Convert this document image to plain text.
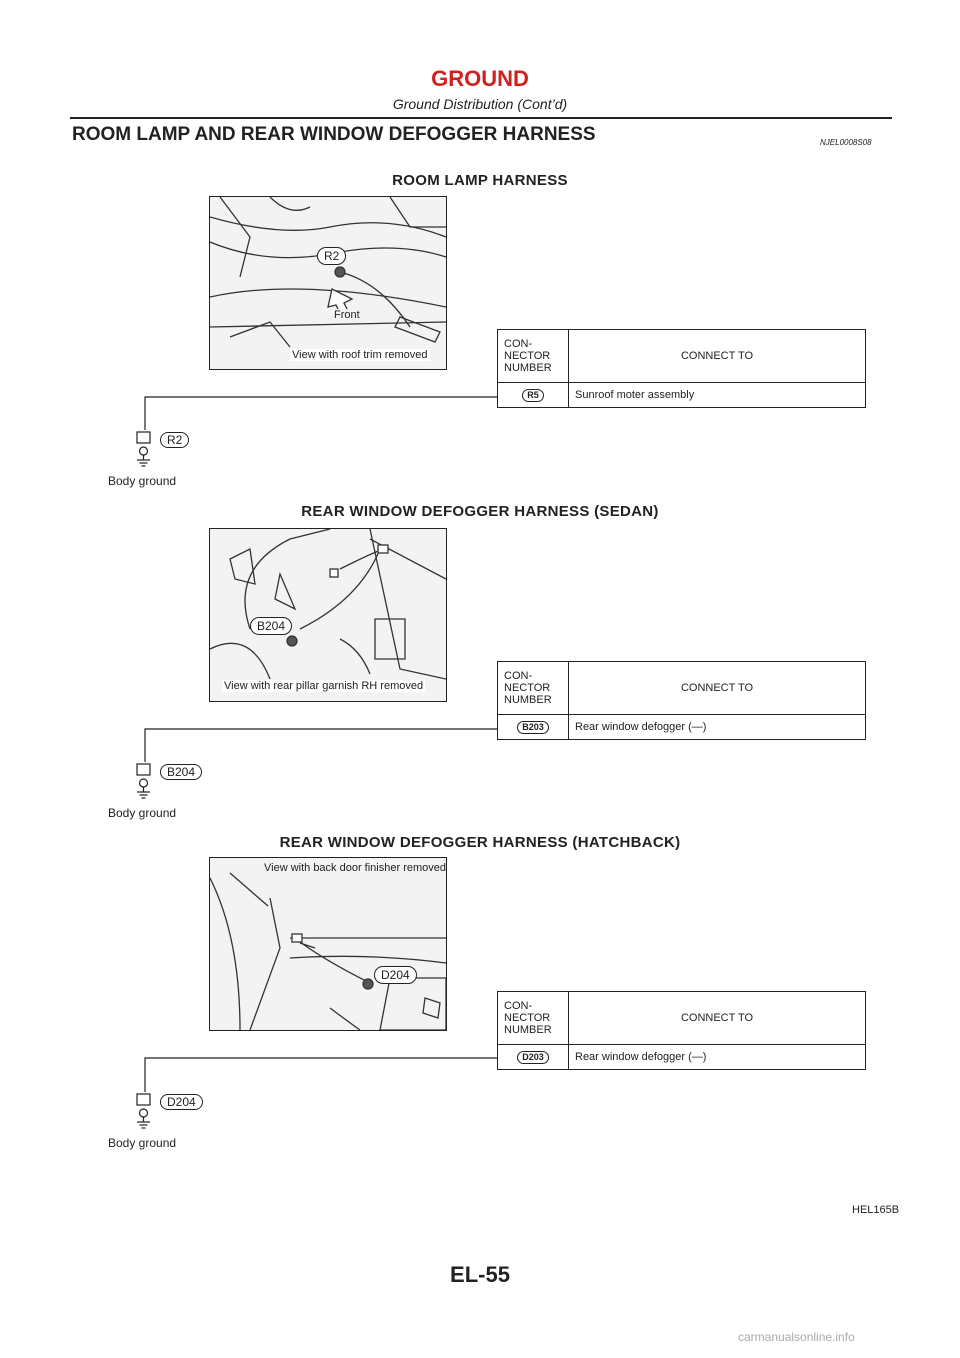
GROUND
Ground Distribution (Cont’d)
ROOM LAMP AND REAR WINDOW DEFOGGER HARNESS	NJEL0008S08
ROOM LAMP HARNESS
R2
Front
View with roof trim removed
CON-
NECTOR
NUMBER	CONNECT TO
R5	Sunroof moter assembly
R2
Body ground
REAR WINDOW DEFOGGER HARNESS (SEDAN)
B204
View with rear pillar garnish RH removed
CON-
NECTOR
NUMBER	CONNECT TO
B203	Rear window defogger (—)
B204
Body ground
REAR WINDOW DEFOGGER HARNESS (HATCHBACK)
View with back door finisher removed
D204
CON-
NECTOR
NUMBER	CONNECT TO
D203	Rear window defogger (—)
D204
Body ground
HEL165B
EL-55
carmanualsonline.info
